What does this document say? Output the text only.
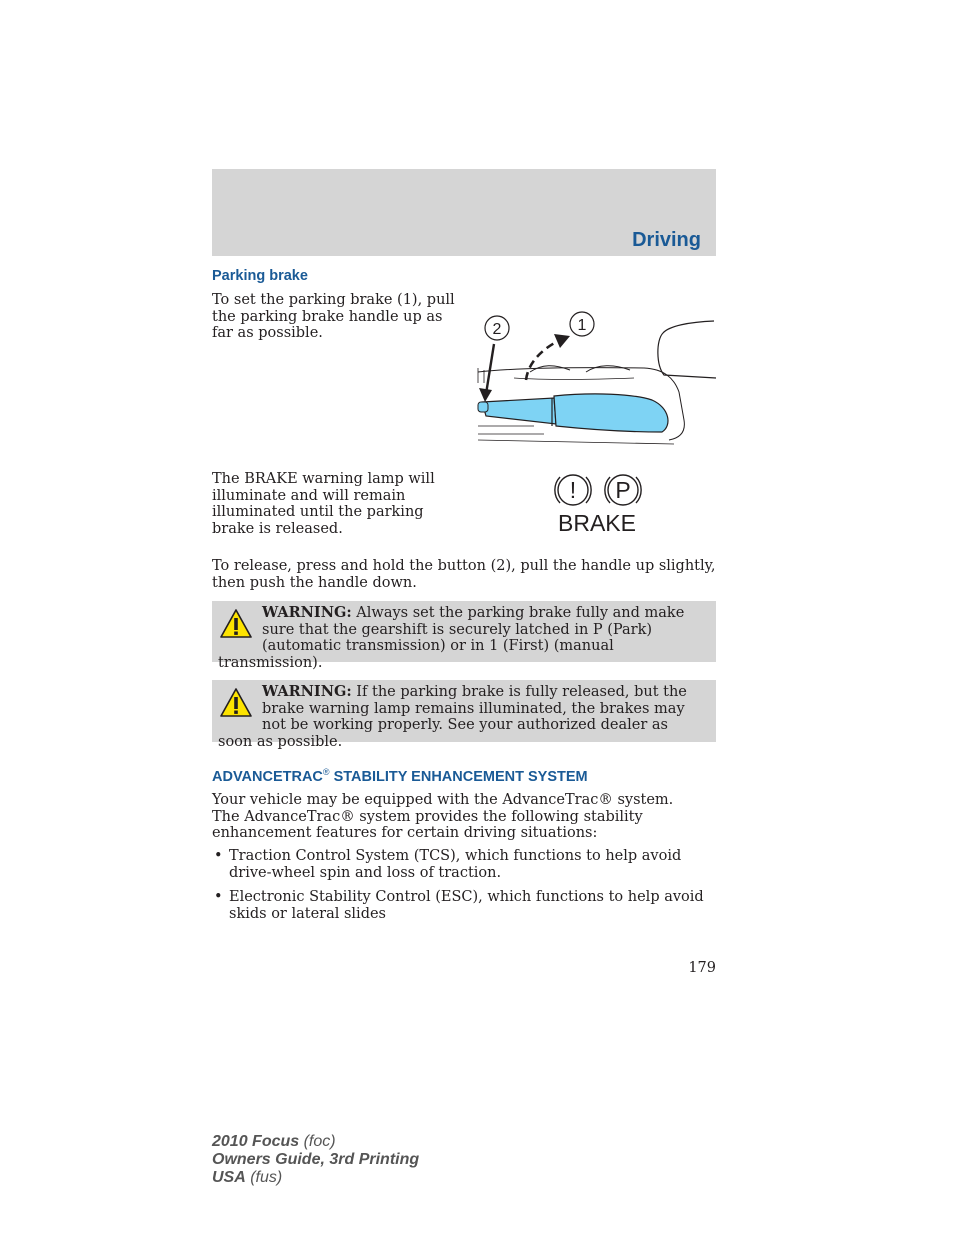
Driving
Parking brake
To set the parking brake (1), pull the parking brake handle up as far as possible.	2	1
The BRAKE warning lamp will illuminate and will remain illuminated until the parking brake is released.
! P
BRAKE
To release, press and hold the button (2), pull the handle up slightly, then push the handle down.
WARNING: Always set the parking brake fully and make sure that the gearshift is securely latched in P (Park) (automatic transmission) or in 1 (First) (manual transmission).
WARNING: If the parking brake is fully released, but the brake warning lamp remains illuminated, the brakes may not be working properly. See your authorized dealer as soon as possible.
ADVANCETRAC® STABILITY ENHANCEMENT SYSTEM
Your vehicle may be equipped with the AdvanceTrac® system. The AdvanceTrac® system provides the following stability enhancement features for certain driving situations:
• Traction Control System (TCS), which functions to help avoid drive-wheel spin and loss of traction.
• Electronic Stability Control (ESC), which functions to help avoid skids or lateral slides
179
2010 Focus (foc)
Owners Guide, 3rd Printing
USA (fus)
